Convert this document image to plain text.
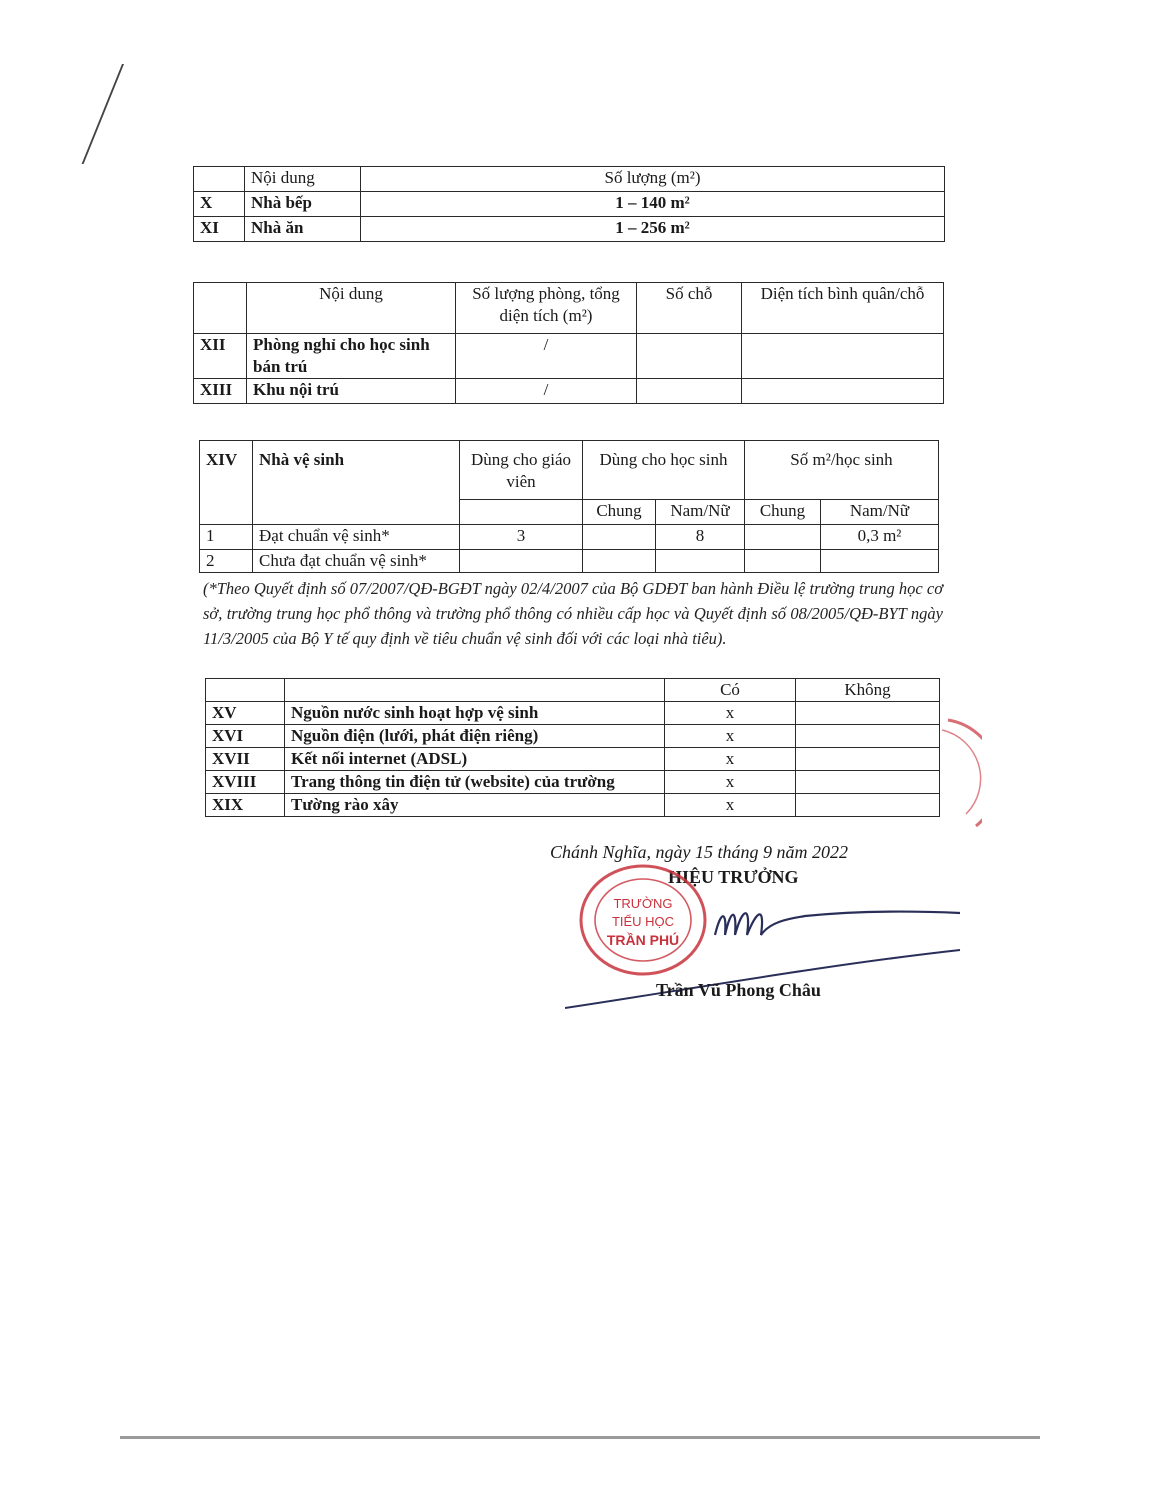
	Nội dung	Số lượng (m²)
X	Nhà bếp	1 – 140 m²
XI	Nhà ăn	1 – 256 m²
	Nội dung	Số lượng phòng, tổng diện tích (m²)	Số chỗ	Diện tích bình quân/chỗ
XII	Phòng nghỉ cho học sinh bán trú	/		
XIII	Khu nội trú	/		
XIV	Nhà vệ sinh	Dùng cho giáo viên	Dùng cho học sinh		Số m²/học sinh	
			Chung	Nam/Nữ	Chung	Nam/Nữ
1	Đạt chuẩn vệ sinh*	3		8		0,3 m²
2	Chưa đạt chuẩn vệ sinh*					
(*Theo Quyết định số 07/2007/QĐ-BGĐT ngày 02/4/2007 của Bộ GDĐT ban hành Điều lệ trường trung học cơ sở, trường trung học phổ thông và trường phổ thông có nhiều cấp học và Quyết định số 08/2005/QĐ-BYT ngày 11/3/2005 của Bộ Y tế quy định về tiêu chuẩn vệ sinh đối với các loại nhà tiêu).
		Có	Không
XV	Nguồn nước sinh hoạt hợp vệ sinh	x	
XVI	Nguồn điện (lưới, phát điện riêng)	x	
XVII	Kết nối internet (ADSL)	x	
XVIII	Trang thông tin điện tử (website) của trường	x	
XIX	Tường rào xây	x	
Chánh Nghĩa, ngày 15 tháng 9 năm 2022
HIỆU TRƯỞNG
TRƯỜNG
TIỂU HỌC
TRẦN PHÚ
Trần Vũ Phong Châu
